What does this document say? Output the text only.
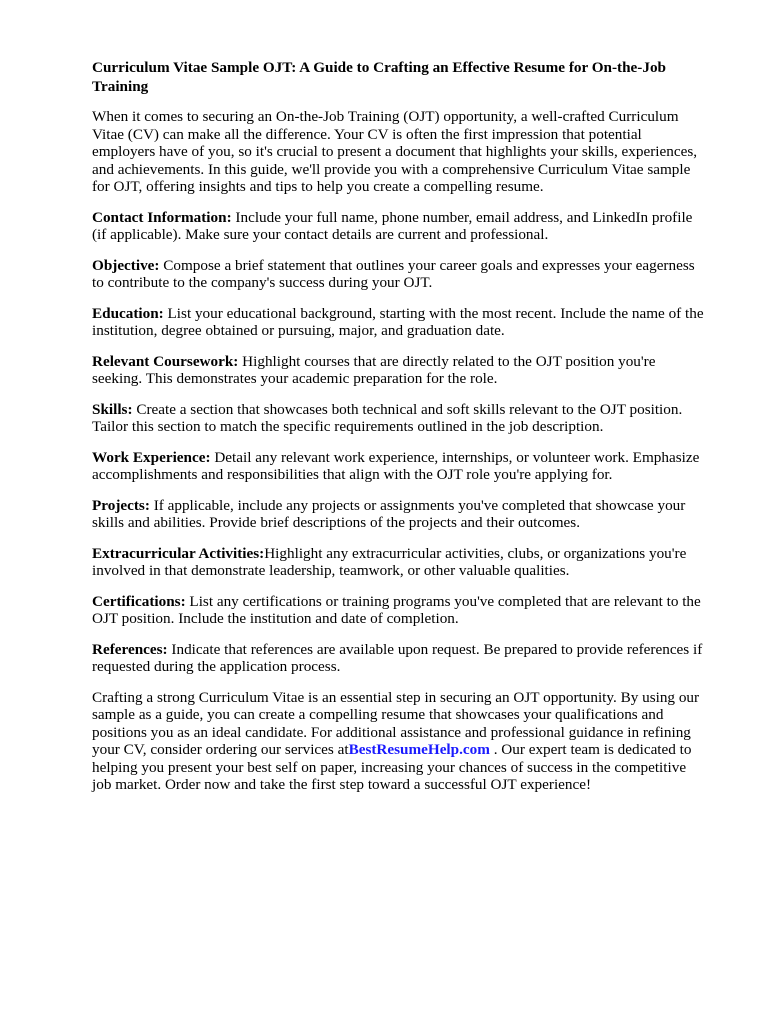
Curriculum Vitae Sample OJT: A Guide to Crafting an Effective Resume for On-the-Job Training

When it comes to securing an On-the-Job Training (OJT) opportunity, a well-crafted Curriculum Vitae (CV) can make all the difference. Your CV is often the first impression that potential employers have of you, so it's crucial to present a document that highlights your skills, experiences, and achievements. In this guide, we'll provide you with a comprehensive Curriculum Vitae sample for OJT, offering insights and tips to help you create a compelling resume.

Contact Information: Include your full name, phone number, email address, and LinkedIn profile (if applicable). Make sure your contact details are current and professional.

Objective: Compose a brief statement that outlines your career goals and expresses your eagerness to contribute to the company's success during your OJT.

Education: List your educational background, starting with the most recent. Include the name of the institution, degree obtained or pursuing, major, and graduation date.

Relevant Coursework: Highlight courses that are directly related to the OJT position you're seeking. This demonstrates your academic preparation for the role.

Skills: Create a section that showcases both technical and soft skills relevant to the OJT position. Tailor this section to match the specific requirements outlined in the job description.

Work Experience: Detail any relevant work experience, internships, or volunteer work. Emphasize accomplishments and responsibilities that align with the OJT role you're applying for.

Projects: If applicable, include any projects or assignments you've completed that showcase your skills and abilities. Provide brief descriptions of the projects and their outcomes.

Extracurricular Activities:Highlight any extracurricular activities, clubs, or organizations you're involved in that demonstrate leadership, teamwork, or other valuable qualities.

Certifications: List any certifications or training programs you've completed that are relevant to the OJT position. Include the institution and date of completion.

References: Indicate that references are available upon request. Be prepared to provide references if requested during the application process.

Crafting a strong Curriculum Vitae is an essential step in securing an OJT opportunity. By using our sample as a guide, you can create a compelling resume that showcases your qualifications and positions you as an ideal candidate. For additional assistance and professional guidance in refining your CV, consider ordering our services atBestResumeHelp.com . Our expert team is dedicated to helping you present your best self on paper, increasing your chances of success in the competitive job market. Order now and take the first step toward a successful OJT experience!
